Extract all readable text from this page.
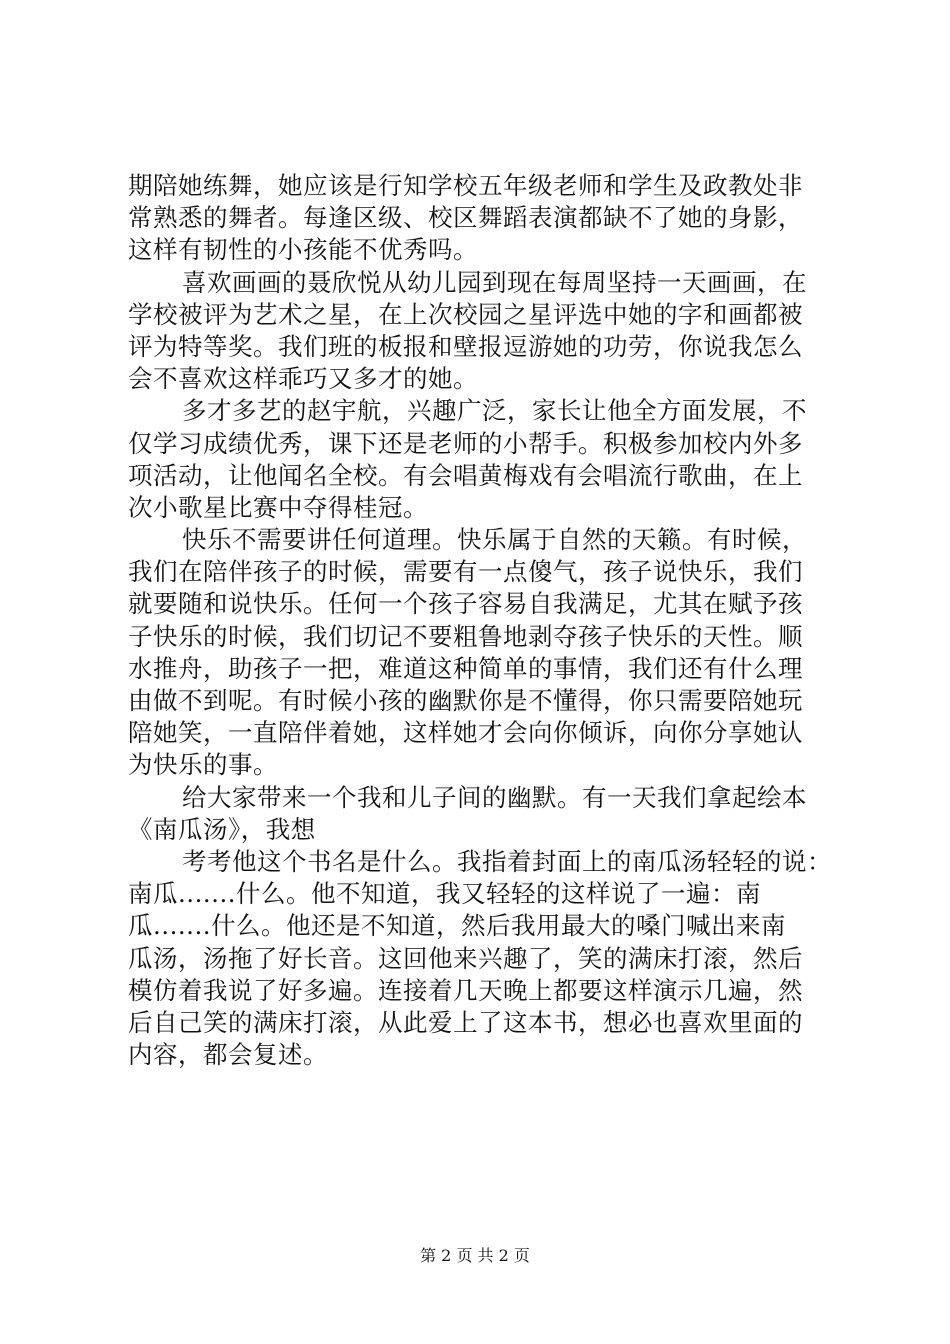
期陪她练舞，她应该是行知学校五年级老师和学生及政教处非
常熟悉的舞者。每逢区级、校区舞蹈表演都缺不了她的身影，
这样有韧性的小孩能不优秀吗。
喜欢画画的聂欣悦从幼儿园到现在每周坚持一天画画，在
学校被评为艺术之星，在上次校园之星评选中她的字和画都被
评为特等奖。我们班的板报和壁报逗游她的功劳，你说我怎么
会不喜欢这样乖巧又多才的她。
多才多艺的赵宇航，兴趣广泛，家长让他全方面发展，不
仅学习成绩优秀，课下还是老师的小帮手。积极参加校内外多
项活动，让他闻名全校。有会唱黄梅戏有会唱流行歌曲，在上
次小歌星比赛中夺得桂冠。
快乐不需要讲任何道理。快乐属于自然的天籁。有时候，
我们在陪伴孩子的时候，需要有一点傻气，孩子说快乐，我们
就要随和说快乐。任何一个孩子容易自我满足，尤其在赋予孩
子快乐的时候，我们切记不要粗鲁地剥夺孩子快乐的天性。顺
水推舟，助孩子一把，难道这种简单的事情，我们还有什么理
由做不到呢。有时候小孩的幽默你是不懂得，你只需要陪她玩
陪她笑，一直陪伴着她，这样她才会向你倾诉，向你分享她认
为快乐的事。
给大家带来一个我和儿子间的幽默。有一天我们拿起绘本
《南瓜汤》，我想
考考他这个书名是什么。我指着封面上的南瓜汤轻轻的说：
南瓜.......什么。他不知道，我又轻轻的这样说了一遍：南
瓜.......什么。他还是不知道，然后我用最大的嗓门喊出来南
瓜汤，汤拖了好长音。这回他来兴趣了，笑的满床打滚，然后
模仿着我说了好多遍。连接着几天晚上都要这样演示几遍，然
后自己笑的满床打滚，从此爱上了这本书，想必也喜欢里面的
内容，都会复述。
第 2 页 共 2 页
